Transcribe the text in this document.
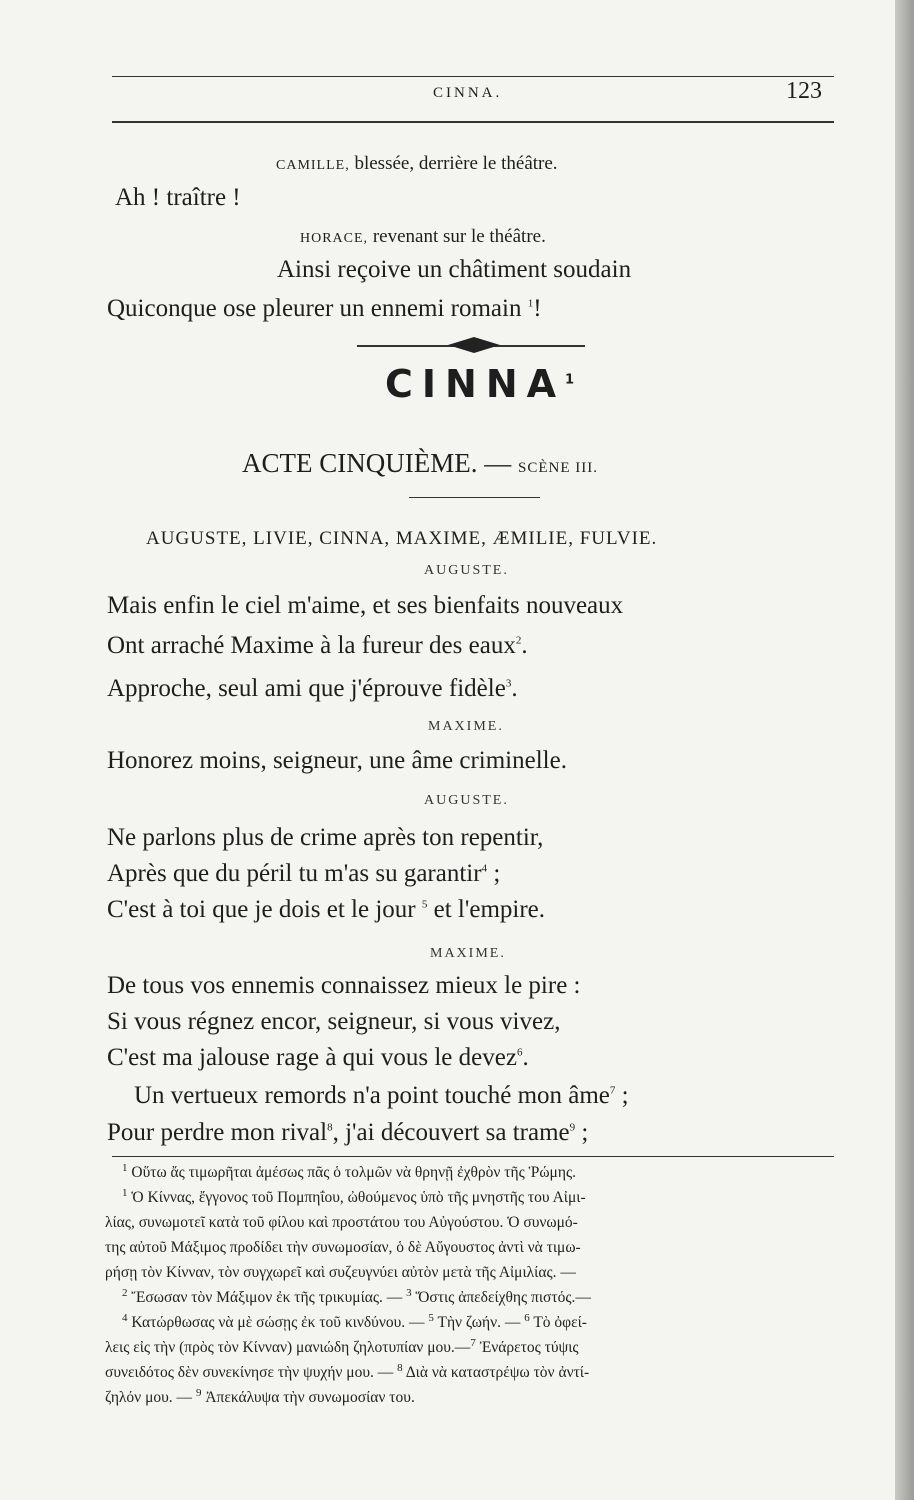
CINNA.	123
CAMILLE, blessée, derrière le théâtre.
Ah ! traître !
HORACE, revenant sur le théâtre.
Ainsi reçoive un châtiment soudain
Quiconque ose pleurer un ennemi romain $^1$!
CINNA$^1$
ACTE CINQUIÈME. — SCÈNE III.
AUGUSTE, LIVIE, CINNA, MAXIME, ÆMILIE, FULVIE.
AUGUSTE.
Mais enfin le ciel m'aime, et ses bienfaits nouveaux
Ont arraché Maxime à la fureur des eaux$^2$.
Approche, seul ami que j'éprouve fidèle$^3$.
MAXIME.
Honorez moins, seigneur, une âme criminelle.
AUGUSTE.
Ne parlons plus de crime après ton repentir,
Après que du péril tu m'as su garantir$^4$ ;
C'est à toi que je dois et le jour $^5$ et l'empire.
MAXIME.
De tous vos ennemis connaissez mieux le pire :
Si vous régnez encor, seigneur, si vous vivez,
C'est ma jalouse rage à qui vous le devez$^6$.
Un vertueux remords n'a point touché mon âme$^7$ ;
Pour perdre mon rival$^8$, j'ai découvert sa trame$^9$ ;
$^1$ Οὕτω ἄς τιμωρῆται ἀμέσως πᾶς ὁ τολμῶν νὰ θρηνῇ ἐχθρὸν τῆς Ῥώμης.
$^1$ Ὁ Κίννας, ἔγγονος τοῦ Πομπηΐου, ὠθούμενος ὑπὸ τῆς μνηστῆς του Αἰμι-
λίας, συνωμοτεῖ κατὰ τοῦ φίλου καὶ προστάτου του Αὐγούστου. Ὁ συνωμό-
της αὐτοῦ Μάξιμος προδίδει τὴν συνωμοσίαν, ὁ δὲ Αὔγουστος ἀντὶ νὰ τιμω-
ρήσῃ τὸν Κίνναν, τὸν συγχωρεῖ καὶ συζευγνύει αὐτὸν μετὰ τῆς Αἰμιλίας. —
$^2$ Ἔσωσαν τὸν Μάξιμον ἐκ τῆς τρικυμίας. — $^3$ Ὅστις ἀπεδείχθης πιστός.—
$^4$ Κατώρθωσας νὰ μὲ σώσῃς ἐκ τοῦ κινδύνου. — $^5$ Τὴν ζωήν. — $^6$ Τὸ ὀφεί-
λεις εἰς τὴν (πρὸς τὸν Κίνναν) μανιώδη ζηλοτυπίαν μου.—$^7$ Ἐνάρετος τύψις
συνειδότος δὲν συνεκίνησε τὴν ψυχήν μου. — $^8$ Διὰ νὰ καταστρέψω τὸν ἀντί-
ζηλόν μου. — $^9$ Ἀπεκάλυψα τὴν συνωμοσίαν του.
